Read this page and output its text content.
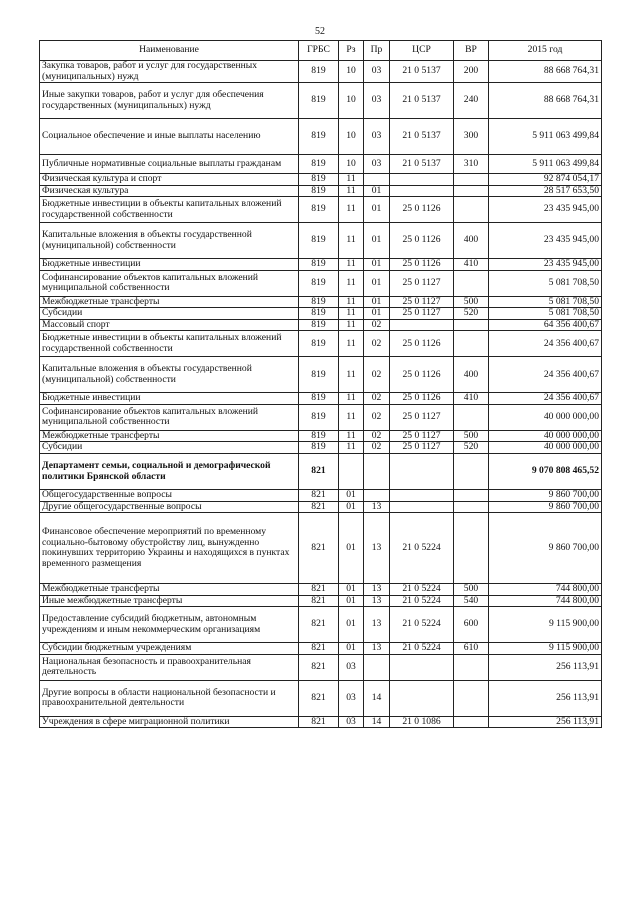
52
Наименование	ГРБС	Рз	Пр	ЦСР	ВР	2015 год
Закупка товаров, работ и услуг для государственных (муниципальных) нужд	819	10	03	21 0 5137	200	88 668 764,31
Иные закупки товаров, работ и услуг для обеспечения государственных (муниципальных) нужд	819	10	03	21 0 5137	240	88 668 764,31
Социальное обеспечение и иные выплаты населению	819	10	03	21 0 5137	300	5 911 063 499,84
Публичные нормативные социальные выплаты гражданам	819	10	03	21 0 5137	310	5 911 063 499,84
Физическая культура и спорт	819	11				92 874 054,17
Физическая культура	819	11	01			28 517 653,50
Бюджетные инвестиции в объекты капитальных вложений государственной собственности	819	11	01	25 0 1126		23 435 945,00
Капитальные вложения в объекты государственной (муниципальной) собственности	819	11	01	25 0 1126	400	23 435 945,00
Бюджетные инвестиции	819	11	01	25 0 1126	410	23 435 945,00
Софинансирование объектов капитальных вложений муниципальной собственности	819	11	01	25 0 1127		5 081 708,50
Межбюджетные трансферты	819	11	01	25 0 1127	500	5 081 708,50
Субсидии	819	11	01	25 0 1127	520	5 081 708,50
Массовый спорт	819	11	02			64 356 400,67
Бюджетные инвестиции в объекты капитальных вложений государственной собственности	819	11	02	25 0 1126		24 356 400,67
Капитальные вложения в объекты государственной (муниципальной) собственности	819	11	02	25 0 1126	400	24 356 400,67
Бюджетные инвестиции	819	11	02	25 0 1126	410	24 356 400,67
Софинансирование объектов капитальных вложений муниципальной собственности	819	11	02	25 0 1127		40 000 000,00
Межбюджетные трансферты	819	11	02	25 0 1127	500	40 000 000,00
Субсидии	819	11	02	25 0 1127	520	40 000 000,00
Департамент семьи, социальной и демографической политики Брянской области	821					9 070 808 465,52
Общегосударственные вопросы	821	01				9 860 700,00
Другие общегосударственные вопросы	821	01	13			9 860 700,00
Финансовое обеспечение мероприятий по временному социально-бытовому обустройству лиц, вынужденно покинувших территорию Украины и находящихся в пунктах временного размещения	821	01	13	21 0 5224		9 860 700,00
Межбюджетные трансферты	821	01	13	21 0 5224	500	744 800,00
Иные межбюджетные трансферты	821	01	13	21 0 5224	540	744 800,00
Предоставление субсидий бюджетным, автономным учреждениям и иным некоммерческим организациям	821	01	13	21 0 5224	600	9 115 900,00
Субсидии бюджетным учреждениям	821	01	13	21 0 5224	610	9 115 900,00
Национальная безопасность и правоохранительная деятельность	821	03				256 113,91
Другие вопросы в области национальной безопасности и правоохранительной деятельности	821	03	14			256 113,91
Учреждения в сфере миграционной политики	821	03	14	21 0 1086		256 113,91
